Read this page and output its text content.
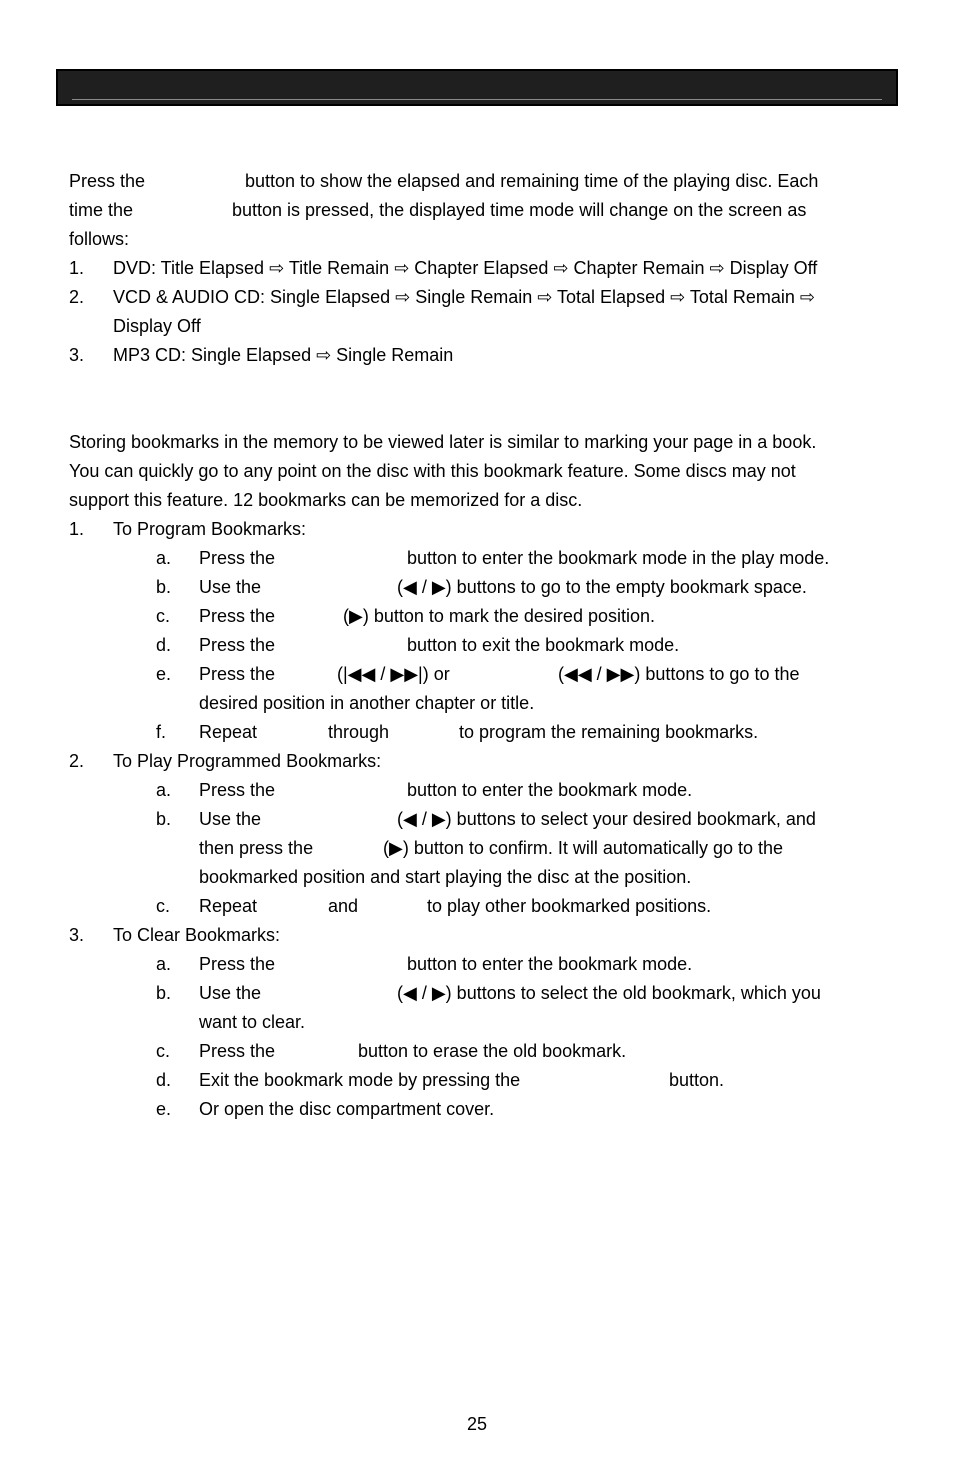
Press the	button to show the elapsed and remaining time of the playing disc. Each
time the	button is pressed, the displayed time mode will change on the screen as
follows:
1. DVD: Title Elapsed ⇨ Title Remain ⇨ Chapter Elapsed ⇨ Chapter Remain ⇨ Display Off
2. VCD & AUDIO CD: Single Elapsed ⇨ Single Remain ⇨ Total Elapsed ⇨ Total Remain ⇨
Display Off
3. MP3 CD: Single Elapsed ⇨ Single Remain
Storing bookmarks in the memory to be viewed later is similar to marking your page in a book.
You can quickly go to any point on the disc with this bookmark feature. Some discs may not
support this feature. 12 bookmarks can be memorized for a disc.
1. To Program Bookmarks:
a. Press the	button to enter the bookmark mode in the play mode.
b. Use the	(◀ / ▶) buttons to go to the empty bookmark space.
c. Press the	(▶) button to mark the desired position.
d. Press the	button to exit the bookmark mode.
e. Press the	(|◀◀ / ▶▶|) or	(◀◀ / ▶▶) buttons to go to the
desired position in another chapter or title.
f. Repeat	through	to program the remaining bookmarks.
2. To Play Programmed Bookmarks:
a. Press the	button to enter the bookmark mode.
b. Use the	(◀ / ▶) buttons to select your desired bookmark, and
then press the	(▶) button to confirm. It will automatically go to the
bookmarked position and start playing the disc at the position.
c. Repeat	and	to play other bookmarked positions.
3. To Clear Bookmarks:
a. Press the	button to enter the bookmark mode.
b. Use the	(◀ / ▶) buttons to select the old bookmark, which you
want to clear.
c. Press the	button to erase the old bookmark.
d. Exit the bookmark mode by pressing the	button.
e. Or open the disc compartment cover.
25
